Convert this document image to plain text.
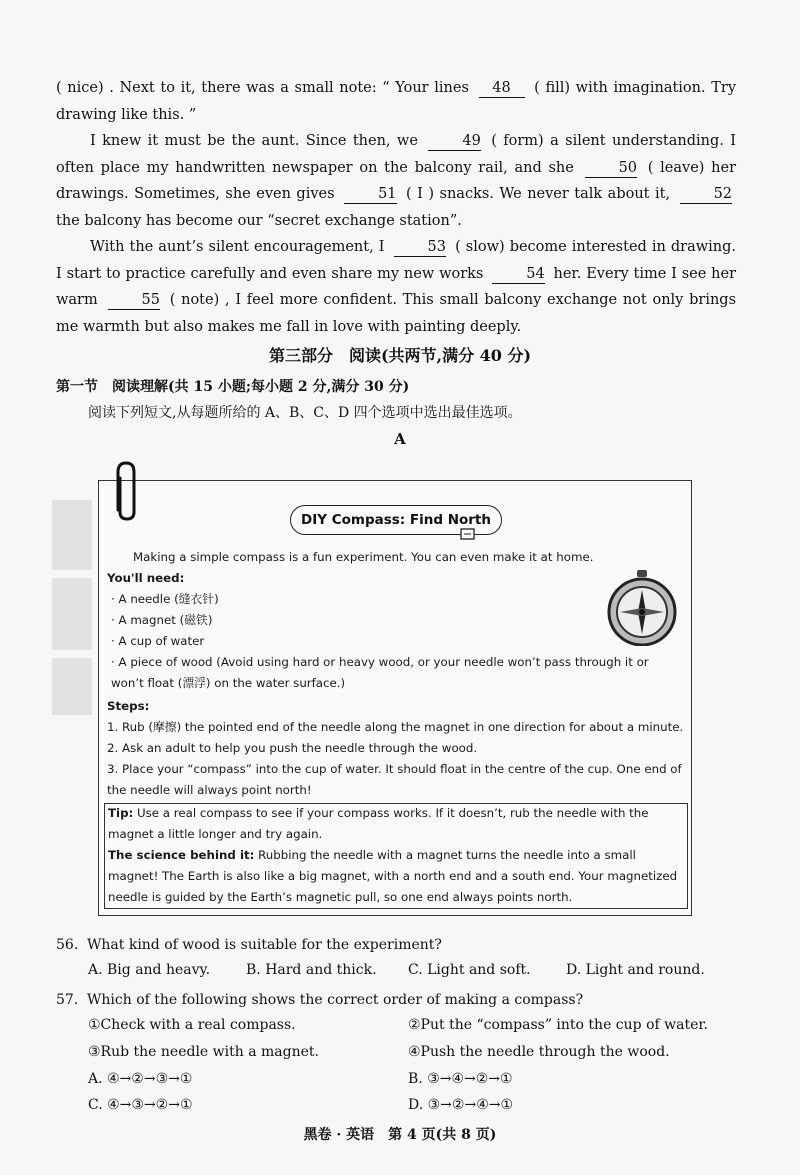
( nice) . Next to it, there was a small note: “ Your lines 48 ( fill) with imagination. Try drawing like this. ”
I knew it must be the aunt. Since then, we	49 ( form) a silent understanding. I often place my handwritten newspaper on the balcony rail, and she	50 ( leave) her drawings. Sometimes, she even gives	51 ( I ) snacks. We never talk about it,	52 the balcony has become our “secret exchange station”.
With the aunt’s silent encouragement, I	53 ( slow) become interested in drawing. I start to practice carefully and even share my new works	54 her. Every time I see her warm	55 ( note) , I feel more confident. This small balcony exchange not only brings me warmth but also makes me fall in love with painting deeply.
第三部分　阅读(共两节,满分 40 分)
第一节　阅读理解(共 15 小题;每小题 2 分,满分 30 分)
阅读下列短文,从每题所给的 A、B、C、D 四个选项中选出最佳选项。
A
DIY Compass: Find North
Making a simple compass is a fun experiment. You can even make it at home.
You'll need:
· A needle (缝衣针)
· A magnet (磁铁)
· A cup of water
· A piece of wood (Avoid using hard or heavy wood, or your needle won’t pass through it or won’t float (漂浮) on the water surface.)
Steps:
1. Rub (摩擦) the pointed end of the needle along the magnet in one direction for about a minute.
2. Ask an adult to help you push the needle through the wood.
3. Place your “compass” into the cup of water. It should float in the centre of the cup. One end of the needle will always point north!
Tip: Use a real compass to see if your compass works. If it doesn’t, rub the needle with the magnet a little longer and try again.
The science behind it: Rubbing the needle with a magnet turns the needle into a small magnet! The Earth is also like a big magnet, with a north end and a south end. Your magnetized needle is guided by the Earth’s magnetic pull, so one end always points north.
56. What kind of wood is suitable for the experiment?
A. Big and heavy.	B. Hard and thick. C. Light and soft.	D. Light and round.
57. Which of the following shows the correct order of making a compass?
①Check with a real compass.	②Put the “compass” into the cup of water.
③Rub the needle with a magnet.	④Push the needle through the wood.
A. ④→②→③→①	B. ③→④→②→①
C. ④→③→②→①	D. ③→②→④→①
黑卷 · 英语　第 4 页(共 8 页)
